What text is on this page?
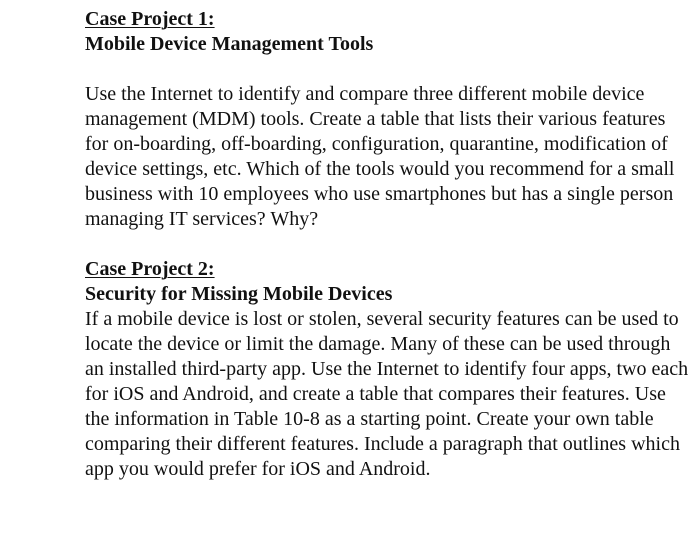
Case Project 1:
Mobile Device Management Tools

Use the Internet to identify and compare three different mobile device management (MDM) tools. Create a table that lists their various features for on-boarding, off-boarding, configuration, quarantine, modification of device settings, etc. Which of the tools would you recommend for a small business with 10 employees who use smartphones but has a single person managing IT services? Why?

Case Project 2:
Security for Missing Mobile Devices

If a mobile device is lost or stolen, several security features can be used to locate the device or limit the damage. Many of these can be used through an installed third-party app. Use the Internet to identify four apps, two each for iOS and Android, and create a table that compares their features. Use the information in Table 10-8 as a starting point. Create your own table comparing their different features. Include a paragraph that outlines which app you would prefer for iOS and Android.
